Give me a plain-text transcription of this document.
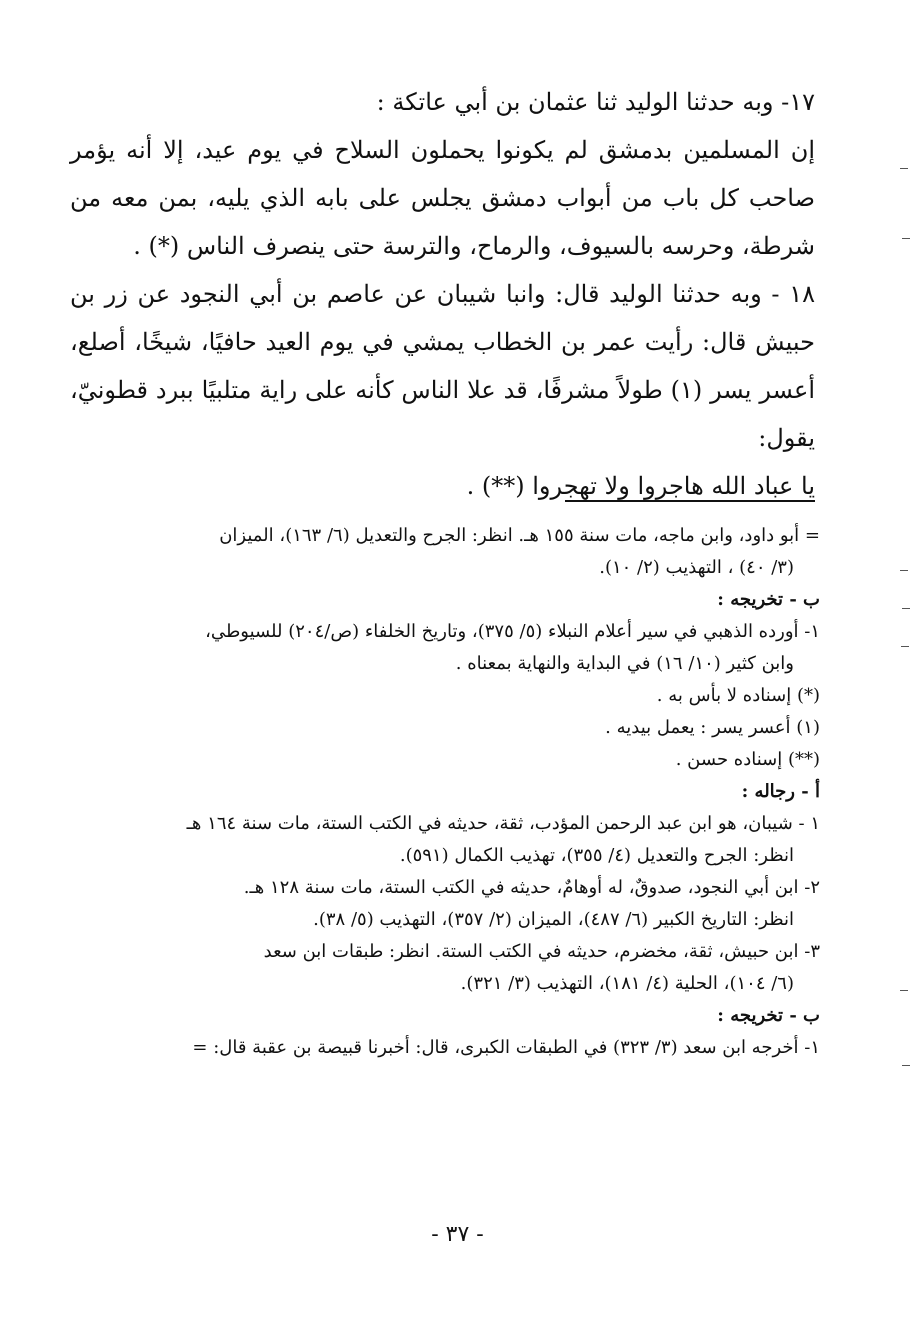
١٧- وبه حدثنا الوليد ثنا عثمان بن أبي عاتكة :

إن المسلمين بدمشق لم يكونوا يحملون السلاح في يوم عيد، إلا أنه يؤمر صاحب كل باب من أبواب دمشق يجلس على بابه الذي يليه، بمن معه من شرطة، وحرسه بالسيوف، والرماح، والترسة حتى ينصرف الناس (*) .

١٨ - وبه حدثنا الوليد قال: وانبا شيبان عن عاصم بن أبي النجود عن زر بن حبيش قال: رأيت عمر بن الخطاب يمشي في يوم العيد حافيًا، شيخًا، أصلع، أعسر يسر (١) طولاً مشرفًا، قد علا الناس كأنه على راية متلبيًا ببرد قطونيّ، يقول:

يا عباد الله هاجروا ولا تهجروا (**) .

= أبو داود، وابن ماجه، مات سنة ١٥٥ هـ. انظر: الجرح والتعديل (٦/ ١٦٣)، الميزان

(٣/ ٤٠) ، التهذيب (٢/ ١٠).

ب - تخريجه :

١- أورده الذهبي في سير أعلام النبلاء (٥/ ٣٧٥)، وتاريخ الخلفاء (ص/٢٠٤) للسيوطي،

وابن كثير (١٠/ ١٦) في البداية والنهاية بمعناه .

(*) إسناده لا بأس به .

(١) أعسر يسر : يعمل بيديه .

(**) إسناده حسن .

أ - رجاله :

١ - شيبان، هو ابن عبد الرحمن المؤدب، ثقة، حديثه في الكتب الستة، مات سنة ١٦٤ هـ

انظر: الجرح والتعديل (٤/ ٣٥٥)، تهذيب الكمال (٥٩١).

٢- ابن أبي النجود، صدوقٌ، له أوهامٌ، حديثه في الكتب الستة، مات سنة ١٢٨ هـ.

انظر: التاريخ الكبير (٦/ ٤٨٧)، الميزان (٢/ ٣٥٧)، التهذيب (٥/ ٣٨).

٣- ابن حبيش، ثقة، مخضرم، حديثه في الكتب الستة. انظر: طبقات ابن سعد

(٦/ ١٠٤)، الحلية (٤/ ١٨١)، التهذيب (٣/ ٣٢١).

ب - تخريجه :

١- أخرجه ابن سعد (٣/ ٣٢٣) في الطبقات الكبرى، قال: أخبرنا قبيصة بن عقبة قال: =

- ٣٧ -
